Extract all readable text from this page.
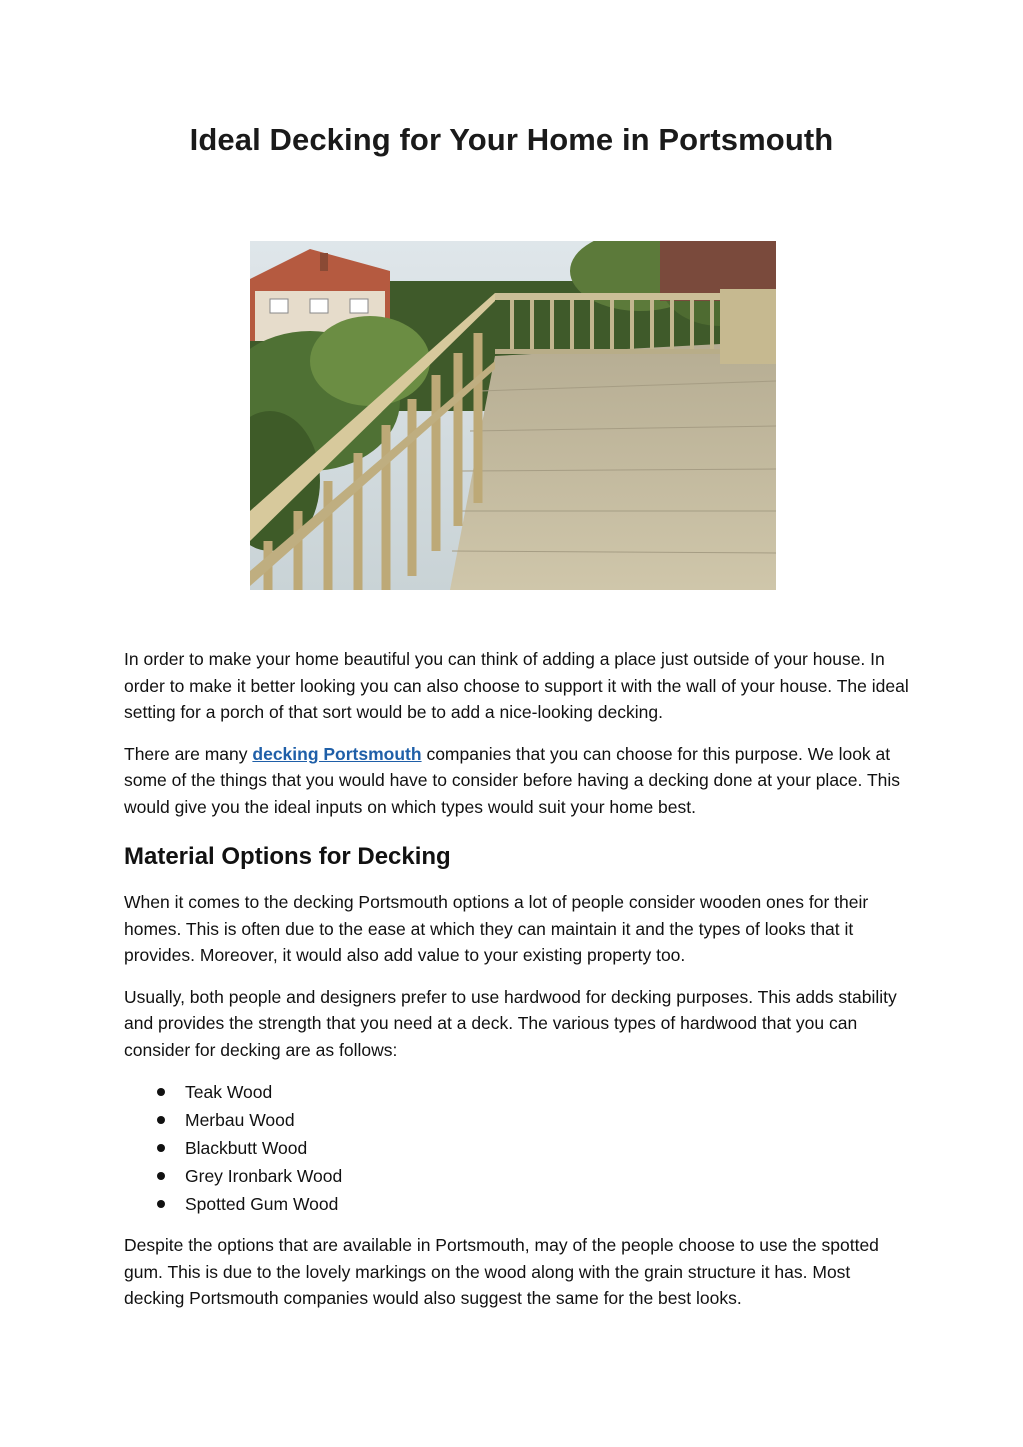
Ideal Decking for Your Home in Portsmouth

In order to make your home beautiful you can think of adding a place just outside of your house. In order to make it better looking you can also choose to support it with the wall of your house. The ideal setting for a porch of that sort would be to add a nice-looking decking.

There are many decking Portsmouth companies that you can choose for this purpose. We look at some of the things that you would have to consider before having a decking done at your place. This would give you the ideal inputs on which types would suit your home best.

Material Options for Decking

When it comes to the decking Portsmouth options a lot of people consider wooden ones for their homes. This is often due to the ease at which they can maintain it and the types of looks that it provides. Moreover, it would also add value to your existing property too.

Usually, both people and designers prefer to use hardwood for decking purposes. This adds stability and provides the strength that you need at a deck. The various types of hardwood that you can consider for decking are as follows:

Teak Wood
Merbau Wood
Blackbutt Wood
Grey Ironbark Wood
Spotted Gum Wood

Despite the options that are available in Portsmouth, may of the people choose to use the spotted gum. This is due to the lovely markings on the wood along with the grain structure it has. Most decking Portsmouth companies would also suggest the same for the best looks.
